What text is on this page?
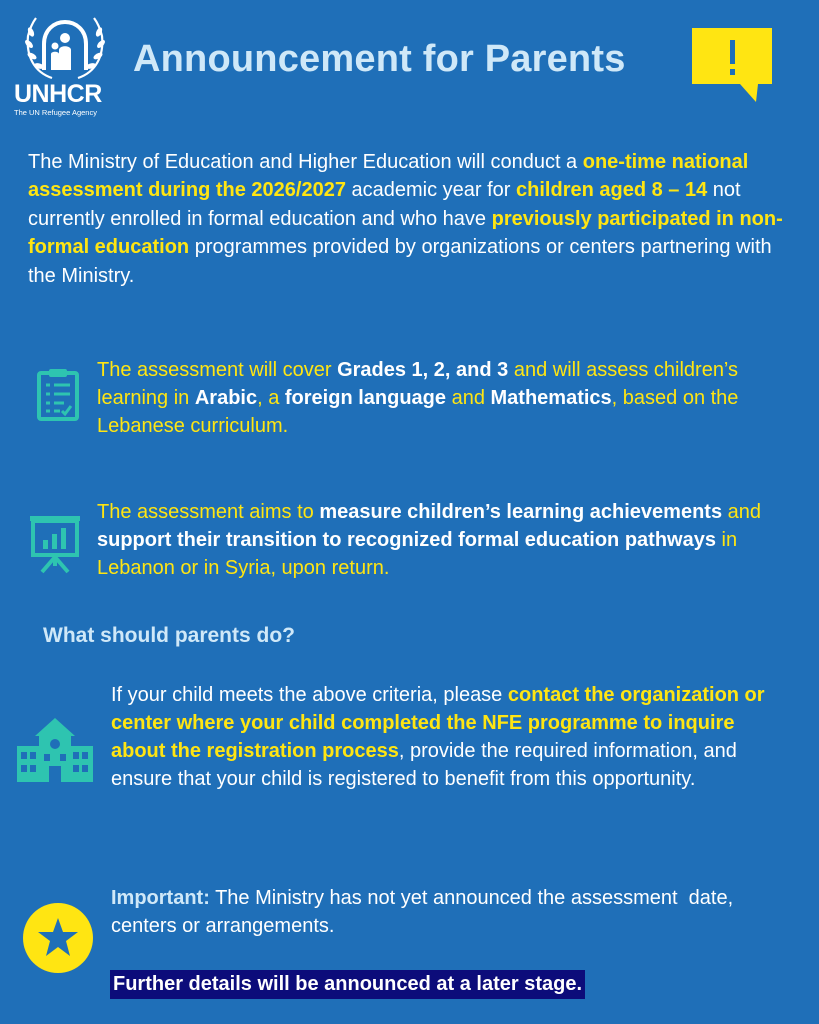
UNHCR
The UN Refugee Agency
Announcement for Parents
The Ministry of Education and Higher Education will conduct a one-time national assessment during the 2026/2027 academic year for children aged 8 – 14 not currently enrolled in formal education and who have previously participated in non-formal education programmes provided by organizations or centers partnering with the Ministry.
The assessment will cover Grades 1, 2, and 3 and will assess children’s learning in Arabic, a foreign language and Mathematics, based on the Lebanese curriculum.
The assessment aims to measure children’s learning achievements and support their transition to recognized formal education pathways in Lebanon or in Syria, upon return.
What should parents do?
If your child meets the above criteria, please contact the organization or center where your child completed the NFE programme to inquire about the registration process, provide the required information, and ensure that your child is registered to benefit from this opportunity.
Important: The Ministry has not yet announced the assessment  date, centers or arrangements.
Further details will be announced at a later stage.
